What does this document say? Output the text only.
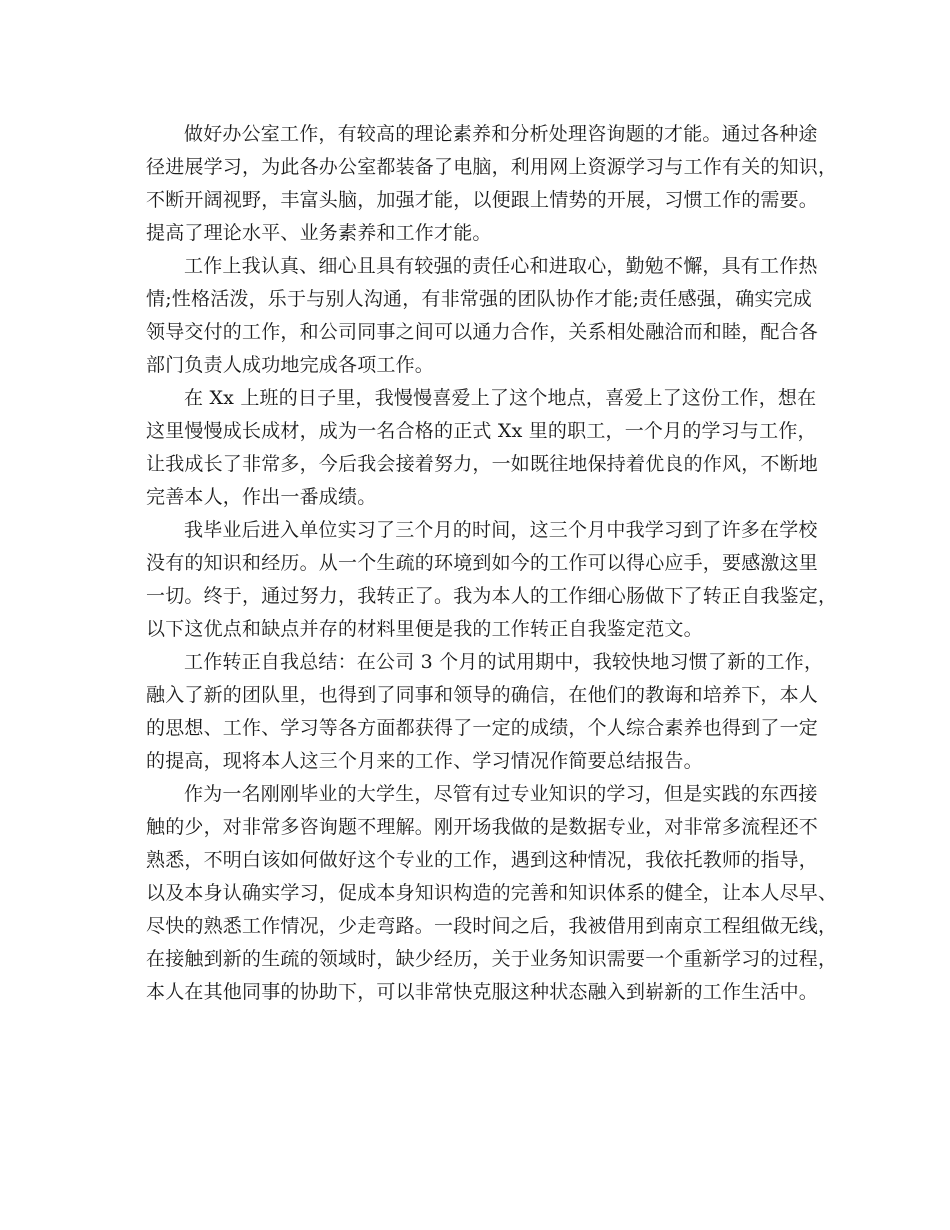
做好办公室工作，有较高的理论素养和分析处理咨询题的才能。通过各种途
径进展学习，为此各办公室都装备了电脑，利用网上资源学习与工作有关的知识，
不断开阔视野，丰富头脑，加强才能，以便跟上情势的开展，习惯工作的需要。
提高了理论水平、业务素养和工作才能。
工作上我认真、细心且具有较强的责任心和进取心，勤勉不懈，具有工作热
情;性格活泼，乐于与别人沟通，有非常强的团队协作才能;责任感强，确实完成
领导交付的工作，和公司同事之间可以通力合作，关系相处融洽而和睦，配合各
部门负责人成功地完成各项工作。
在 Xx 上班的日子里，我慢慢喜爱上了这个地点，喜爱上了这份工作，想在
这里慢慢成长成材，成为一名合格的正式 Xx 里的职工，一个月的学习与工作，
让我成长了非常多，今后我会接着努力，一如既往地保持着优良的作风，不断地
完善本人，作出一番成绩。
我毕业后进入单位实习了三个月的时间，这三个月中我学习到了许多在学校
没有的知识和经历。从一个生疏的环境到如今的工作可以得心应手，要感激这里
一切。终于，通过努力，我转正了。我为本人的工作细心肠做下了转正自我鉴定，
以下这优点和缺点并存的材料里便是我的工作转正自我鉴定范文。
工作转正自我总结：在公司 3 个月的试用期中，我较快地习惯了新的工作，
融入了新的团队里，也得到了同事和领导的确信，在他们的教诲和培养下，本人
的思想、工作、学习等各方面都获得了一定的成绩，个人综合素养也得到了一定
的提高，现将本人这三个月来的工作、学习情况作简要总结报告。
作为一名刚刚毕业的大学生，尽管有过专业知识的学习，但是实践的东西接
触的少，对非常多咨询题不理解。刚开场我做的是数据专业，对非常多流程还不
熟悉，不明白该如何做好这个专业的工作，遇到这种情况，我依托教师的指导，
以及本身认确实学习，促成本身知识构造的完善和知识体系的健全，让本人尽早、
尽快的熟悉工作情况，少走弯路。一段时间之后，我被借用到南京工程组做无线，
在接触到新的生疏的领域时，缺少经历，关于业务知识需要一个重新学习的过程，
本人在其他同事的协助下，可以非常快克服这种状态融入到崭新的工作生活中。
